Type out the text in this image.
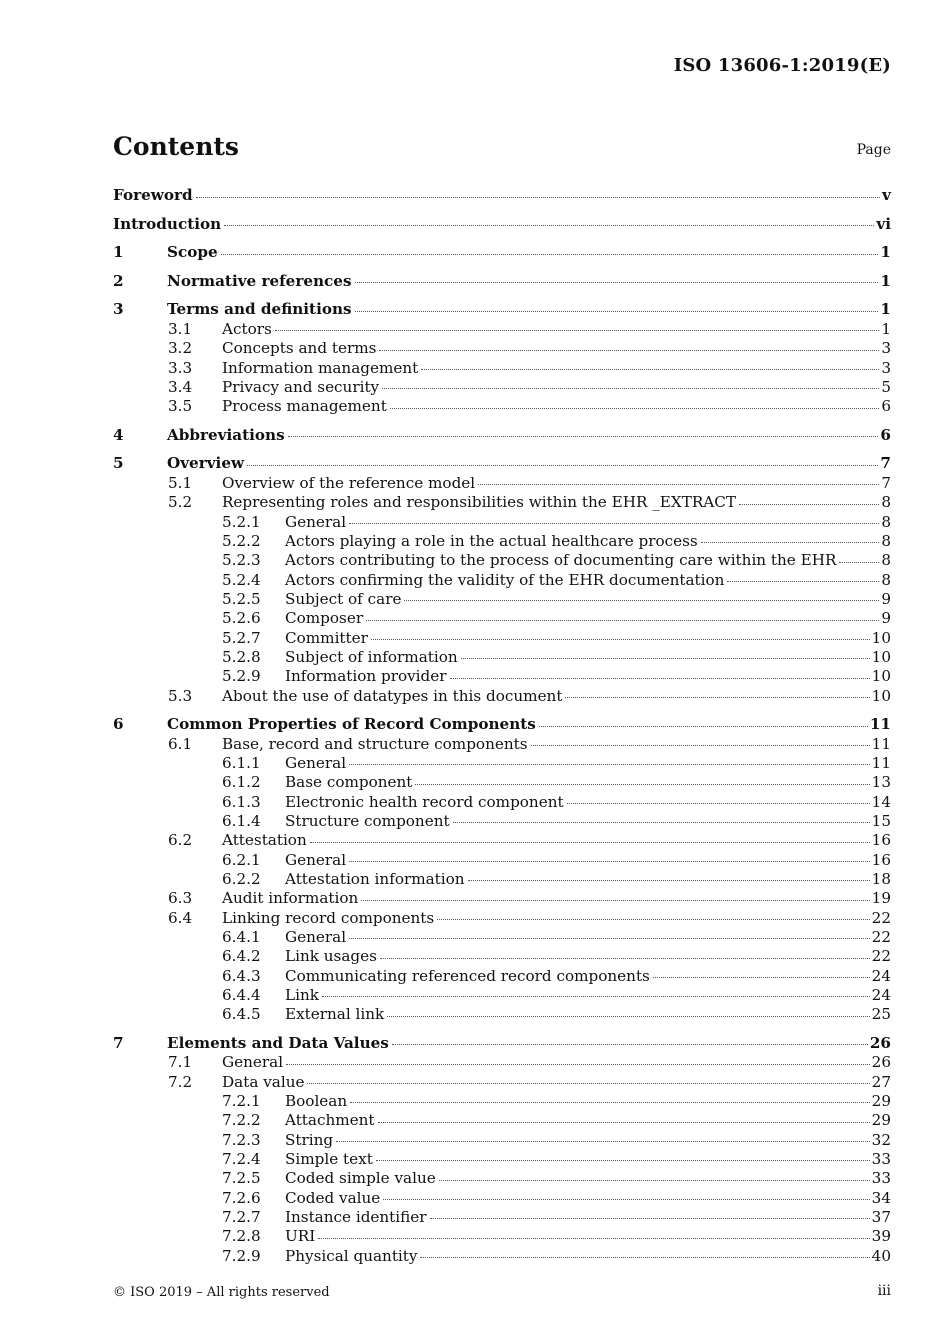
ISO 13606-1:2019(E)
Contents	Page
Foreword	v
Introduction	vi
1	Scope	1
2	Normative references	1
3	Terms and definitions	1
3.1 Actors	1
3.2 Concepts and terms	3
3.3 Information management	3
3.4 Privacy and security	5
3.5 Process management	6
4	Abbreviations	6
5	Overview	7
5.1 Overview of the reference model	7
5.2 Representing roles and responsibilities within the EHR _EXTRACT	8
5.2.1 General	8
5.2.2 Actors playing a role in the actual healthcare process	8
5.2.3 Actors contributing to the process of documenting care within the EHR	8
5.2.4 Actors confirming the validity of the EHR documentation	8
5.2.5 Subject of care	9
5.2.6 Composer	9
5.2.7 Committer	10
5.2.8 Subject of information	10
5.2.9 Information provider	10
5.3 About the use of datatypes in this document	10
6	Common Properties of Record Components	11
6.1 Base, record and structure components	11
6.1.1 General	11
6.1.2 Base component	13
6.1.3 Electronic health record component	14
6.1.4 Structure component	15
6.2 Attestation	16
6.2.1 General	16
6.2.2 Attestation information	18
6.3 Audit information	19
6.4 Linking record components	22
6.4.1 General	22
6.4.2 Link usages	22
6.4.3 Communicating referenced record components	24
6.4.4 Link	24
6.4.5 External link	25
7	Elements and Data Values	26
7.1 General	26
7.2 Data value	27
7.2.1 Boolean	29
7.2.2 Attachment	29
7.2.3 String	32
7.2.4 Simple text	33
7.2.5 Coded simple value	33
7.2.6 Coded value	34
7.2.7 Instance identifier	37
7.2.8 URI	39
7.2.9 Physical quantity	40
© ISO 2019 – All rights reserved	iii
